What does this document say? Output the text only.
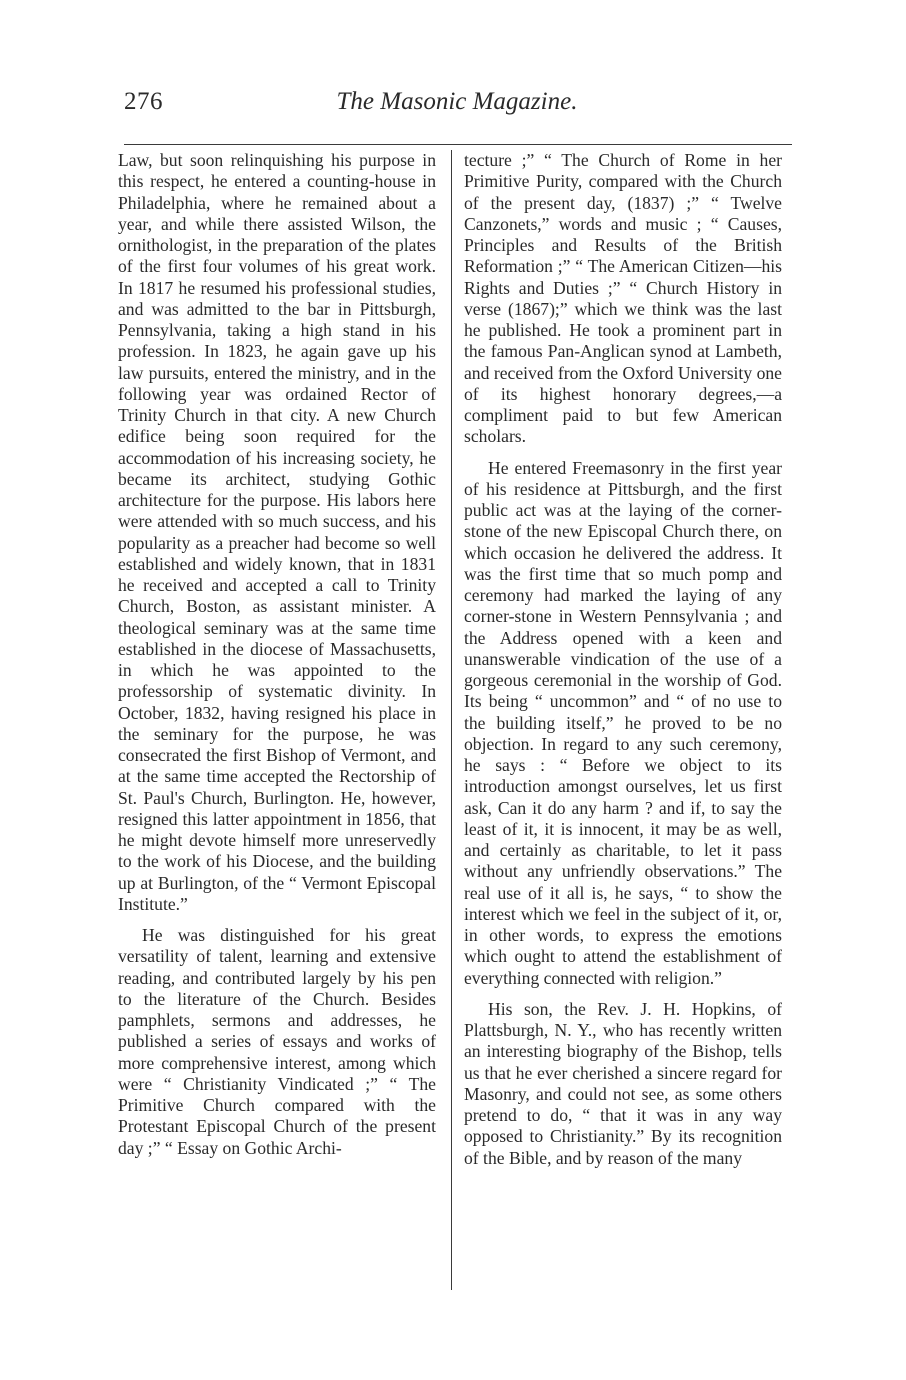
276	The Masonic Magazine.

Law, but soon relinquishing his purpose in this respect, he entered a counting-house in Philadelphia, where he remained about a year, and while there assisted Wilson, the ornithologist, in the preparation of the plates of the first four volumes of his great work. In 1817 he resumed his professional studies, and was admitted to the bar in Pittsburgh, Pennsylvania, taking a high stand in his profession. In 1823, he again gave up his law pursuits, entered the ministry, and in the following year was ordained Rector of Trinity Church in that city. A new Church edifice being soon required for the accommodation of his increasing society, he became its architect, studying Gothic architecture for the purpose. His labors here were attended with so much success, and his popularity as a preacher had become so well established and widely known, that in 1831 he received and accepted a call to Trinity Church, Boston, as assistant minister. A theological seminary was at the same time established in the diocese of Massachusetts, in which he was appointed to the professorship of systematic divinity. In October, 1832, having resigned his place in the seminary for the purpose, he was consecrated the first Bishop of Vermont, and at the same time accepted the Rectorship of St. Paul's Church, Burlington. He, however, resigned this latter appointment in 1856, that he might devote himself more unreservedly to the work of his Diocese, and the building up at Burlington, of the “ Vermont Episcopal Institute.”

He was distinguished for his great versatility of talent, learning and extensive reading, and contributed largely by his pen to the literature of the Church. Besides pamphlets, sermons and addresses, he published a series of essays and works of more comprehensive interest, among which were “ Christianity Vindicated ;” “ The Primitive Church compared with the Protestant Episcopal Church of the present day ;” “ Essay on Gothic Archi-

tecture ;” “ The Church of Rome in her Primitive Purity, compared with the Church of the present day, (1837) ;” “ Twelve Canzonets,” words and music ; “ Causes, Principles and Results of the British Reformation ;” “ The American Citizen—his Rights and Duties ;” “ Church History in verse (1867);” which we think was the last he published. He took a prominent part in the famous Pan-Anglican synod at Lambeth, and received from the Oxford University one of its highest honorary degrees,—a compliment paid to but few American scholars.

He entered Freemasonry in the first year of his residence at Pittsburgh, and the first public act was at the laying of the corner-stone of the new Episcopal Church there, on which occasion he delivered the address. It was the first time that so much pomp and ceremony had marked the laying of any corner-stone in Western Pennsylvania ; and the Address opened with a keen and unanswerable vindication of the use of a gorgeous ceremonial in the worship of God. Its being “ uncommon” and “ of no use to the building itself,” he proved to be no objection. In regard to any such ceremony, he says : “ Before we object to its introduction amongst ourselves, let us first ask, Can it do any harm ? and if, to say the least of it, it is innocent, it may be as well, and certainly as charitable, to let it pass without any unfriendly observations.” The real use of it all is, he says, “ to show the interest which we feel in the subject of it, or, in other words, to express the emotions which ought to attend the establishment of everything connected with religion.”

His son, the Rev. J. H. Hopkins, of Plattsburgh, N. Y., who has recently written an interesting biography of the Bishop, tells us that he ever cherished a sincere regard for Masonry, and could not see, as some others pretend to do, “ that it was in any way opposed to Christianity.” By its recognition of the Bible, and by reason of the many
